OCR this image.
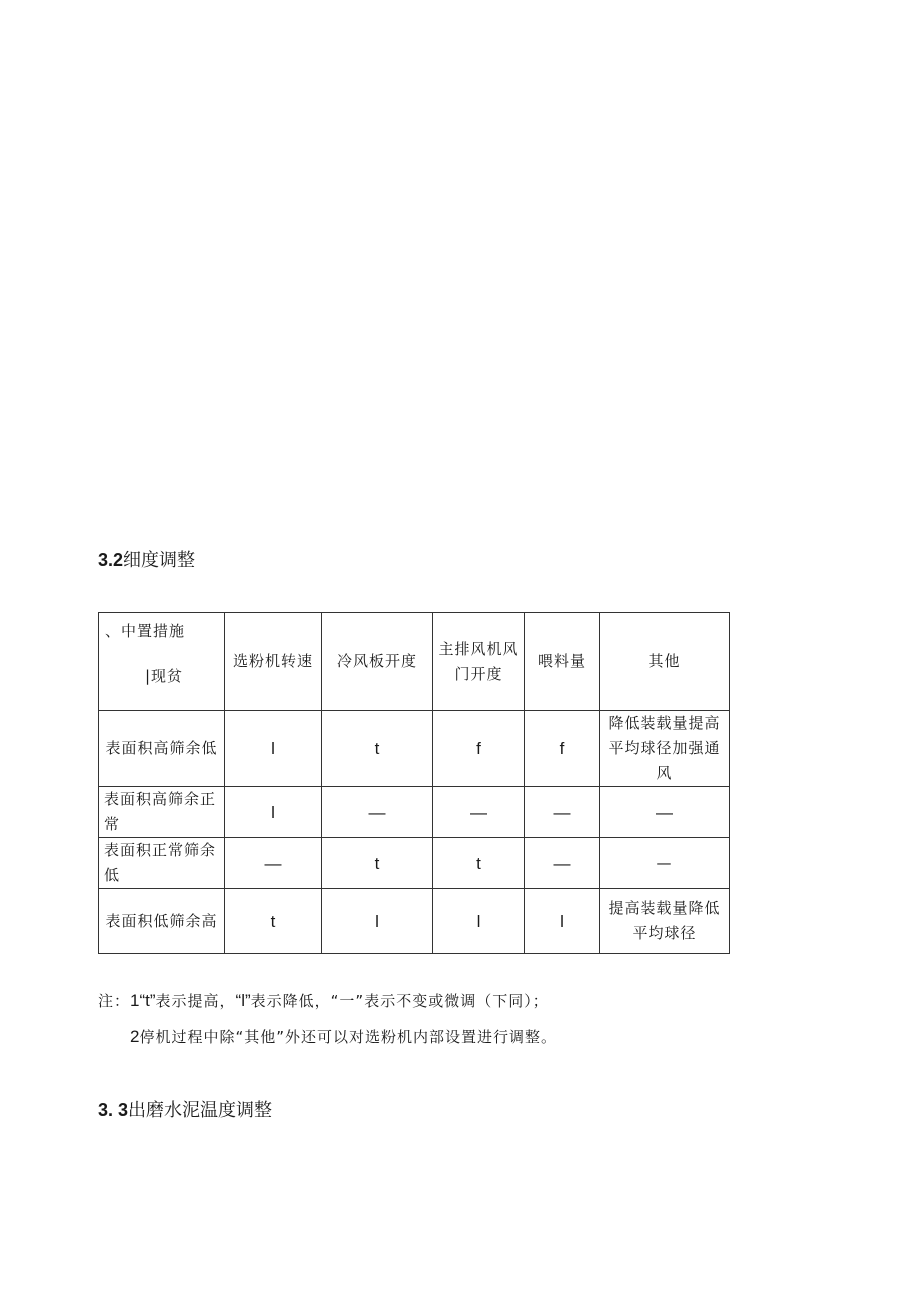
3.2细度调整
、中置措施
|现贫	选粉机转速	冷风板开度	主排风机风门开度	喂料量	其他
表面积高筛余低	l	t	f	f	降低装载量提高平均球径加强通风
表面积高筛余正常	l	—	—	—	—
表面积正常筛余低	—	t	t	—	—
表面积低筛余高	t	l	l	l	提高装载量降低平均球径
注：1“t”表示提高，“l”表示降低，“一”表示不变或微调（下同）；
2停机过程中除“其他”外还可以对选粉机内部设置进行调整。
3. 3出磨水泥温度调整
